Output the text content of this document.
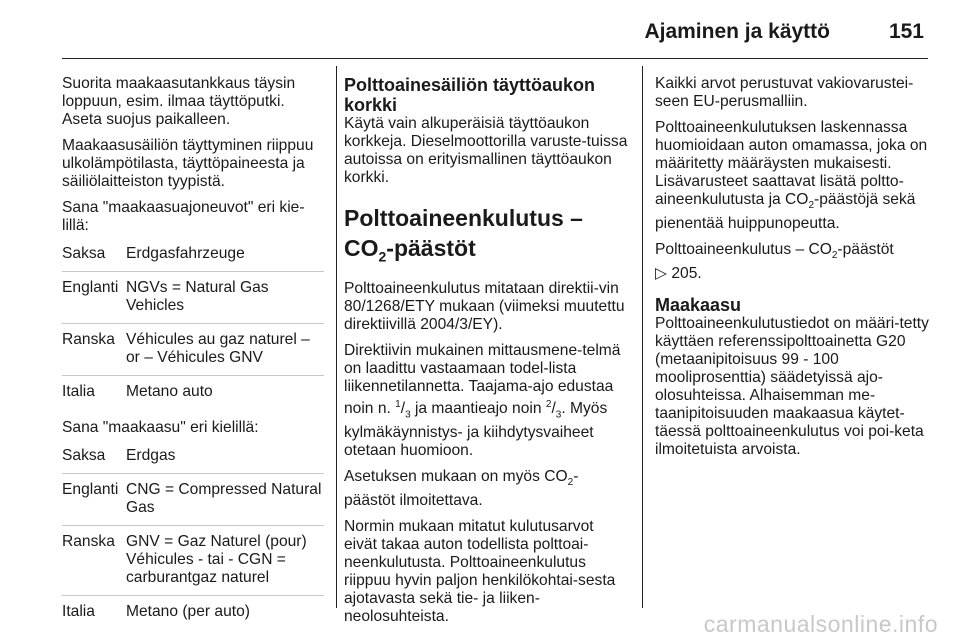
Ajaminen ja käyttö	151

Suorita maakaasutankkaus täysin loppuun, esim. ilmaa täyttöputki. Aseta suojus paikalleen.

Maakaasusäiliön täyttyminen riippuu ulkolämpötilasta, täyttöpaineesta ja säiliölaitteiston tyypistä.

Sana "maakaasuajoneuvot" eri kie-lillä:

Saksa	Erdgasfahrzeuge
Englanti	NGVs = Natural Gas Vehicles
Ranska	Véhicules au gaz naturel – or – Véhicules GNV
Italia	Metano auto

Sana "maakaasu" eri kielillä:

Saksa	Erdgas
Englanti	CNG = Compressed Natural Gas
Ranska	GNV = Gaz Naturel (pour) Véhicules - tai - CGN = carburantgaz naturel
Italia	Metano (per auto)
Polttoainesäiliön täyttöaukon korkki

Käytä vain alkuperäisiä täyttöaukon korkkeja. Dieselmoottorilla varuste-tuissa autoissa on erityismallinen täyttöaukon korkki.

Polttoaineenkulutus –
$CO_2$-päästöt

Polttoaineenkulutus mitataan direktii-vin 80/1268/ETY mukaan (viimeksi muutettu direktiivillä 2004/3/EY).

Direktiivin mukainen mittausmene-telmä on laadittu vastaamaan todel-lista liikennetilannetta. Taajama-ajo edustaa noin n. $^1/_3$ ja maantieajo noin $^2/_3$. Myös kylmäkäynnistys- ja kiihdytysvaiheet otetaan huomioon.

Asetuksen mukaan on myös $CO_2$-päästöt ilmoitettava.

Normin mukaan mitatut kulutusarvot eivät takaa auton todellista polttoai-neenkulutusta. Polttoaineenkulutus riippuu hyvin paljon henkilökohtai-sesta ajotavasta sekä tie- ja liiken-neolosuhteista.

Kaikki arvot perustuvat vakiovarustei-seen EU-perusmalliin.

Polttoaineenkulutuksen laskennassa huomioidaan auton omamassa, joka on määritetty määräysten mukaisesti. Lisävarusteet saattavat lisätä poltto-aineenkulutusta ja $CO_2$-päästöjä sekä pienentää huippunopeutta.

Polttoaineenkulutus – $CO_2$-päästöt
▷ 205.

Maakaasu

Polttoaineenkulutustiedot on määri-tetty käyttäen referenssipolttoainetta G20 (metaanipitoisuus 99 - 100 mooliprosenttia) säädetyissä ajo-olosuhteissa. Alhaisemman me-taanipitoisuuden maakaasua käytet-täessä polttoaineenkulutus voi poi-keta ilmoitetuista arvoista.

carmanualsonline.info
